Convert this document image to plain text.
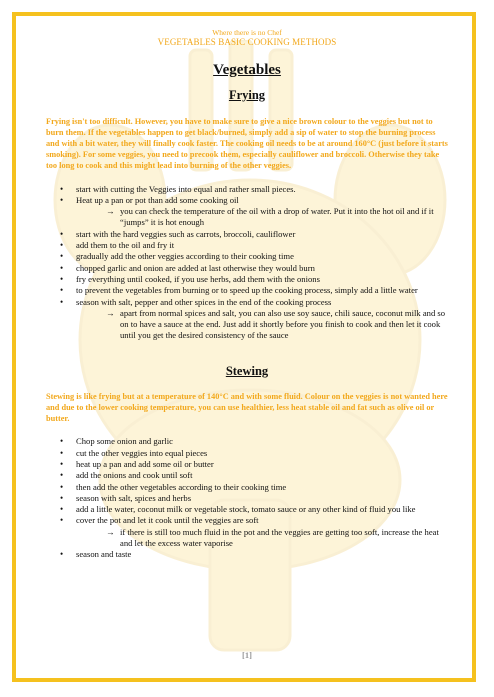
Where there is no Chef
VEGETABLES BASIC COOKING METHODS
Vegetables
Frying
Frying isn't too difficult. However, you have to make sure to give a nice brown colour to the veggies but not to burn them. If the vegetables happen to get black/burned, simply add a sip of water to stop the burning process and with a bit water, they will finally cook faster. The cooking oil needs to be at around 160°C (just before it starts smoking). For some veggies, you need to precook them, especially cauliflower and broccoli. Otherwise they take too long to cook and this might lead into burning of the other veggies.
• start with cutting the Veggies into equal and rather small pieces.
• Heat up a pan or pot than add some cooking oil
→ you can check the temperature of the oil with a drop of water. Put it into the hot oil and if it “jumps” it is hot enough
• start with the hard veggies such as carrots, broccoli, cauliflower
• add them to the oil and fry it
• gradually add the other veggies according to their cooking time
• chopped garlic and onion are added at last otherwise they would burn
• fry everything until cooked, if you use herbs, add them with the onions
• to prevent the vegetables from burning or to speed up the cooking process, simply add a little water
• season with salt, pepper and other spices in the end of the cooking process
→ apart from normal spices and salt, you can also use soy sauce, chili sauce, coconut milk and so on to have a sauce at the end. Just add it shortly before you finish to cook and then let it cook until you get the desired consistency of the sauce
Stewing
Stewing is like frying but at a temperature of 140°C and with some fluid. Colour on the veggies is not wanted here and due to the lower cooking temperature, you can use healthier, less heat stable oil and fat such as olive oil or butter.
• Chop some onion and garlic
• cut the other veggies into equal pieces
• heat up a pan and add some oil or butter
• add the onions and cook until soft
• then add the other vegetables according to their cooking time
• season with salt, spices and herbs
• add a little water, coconut milk or vegetable stock, tomato sauce or any other kind of fluid you like
• cover the pot and let it cook until the veggies are soft
→ if there is still too much fluid in the pot and the veggies are getting too soft, increase the heat and let the excess water vaporise
• season and taste
[1]
